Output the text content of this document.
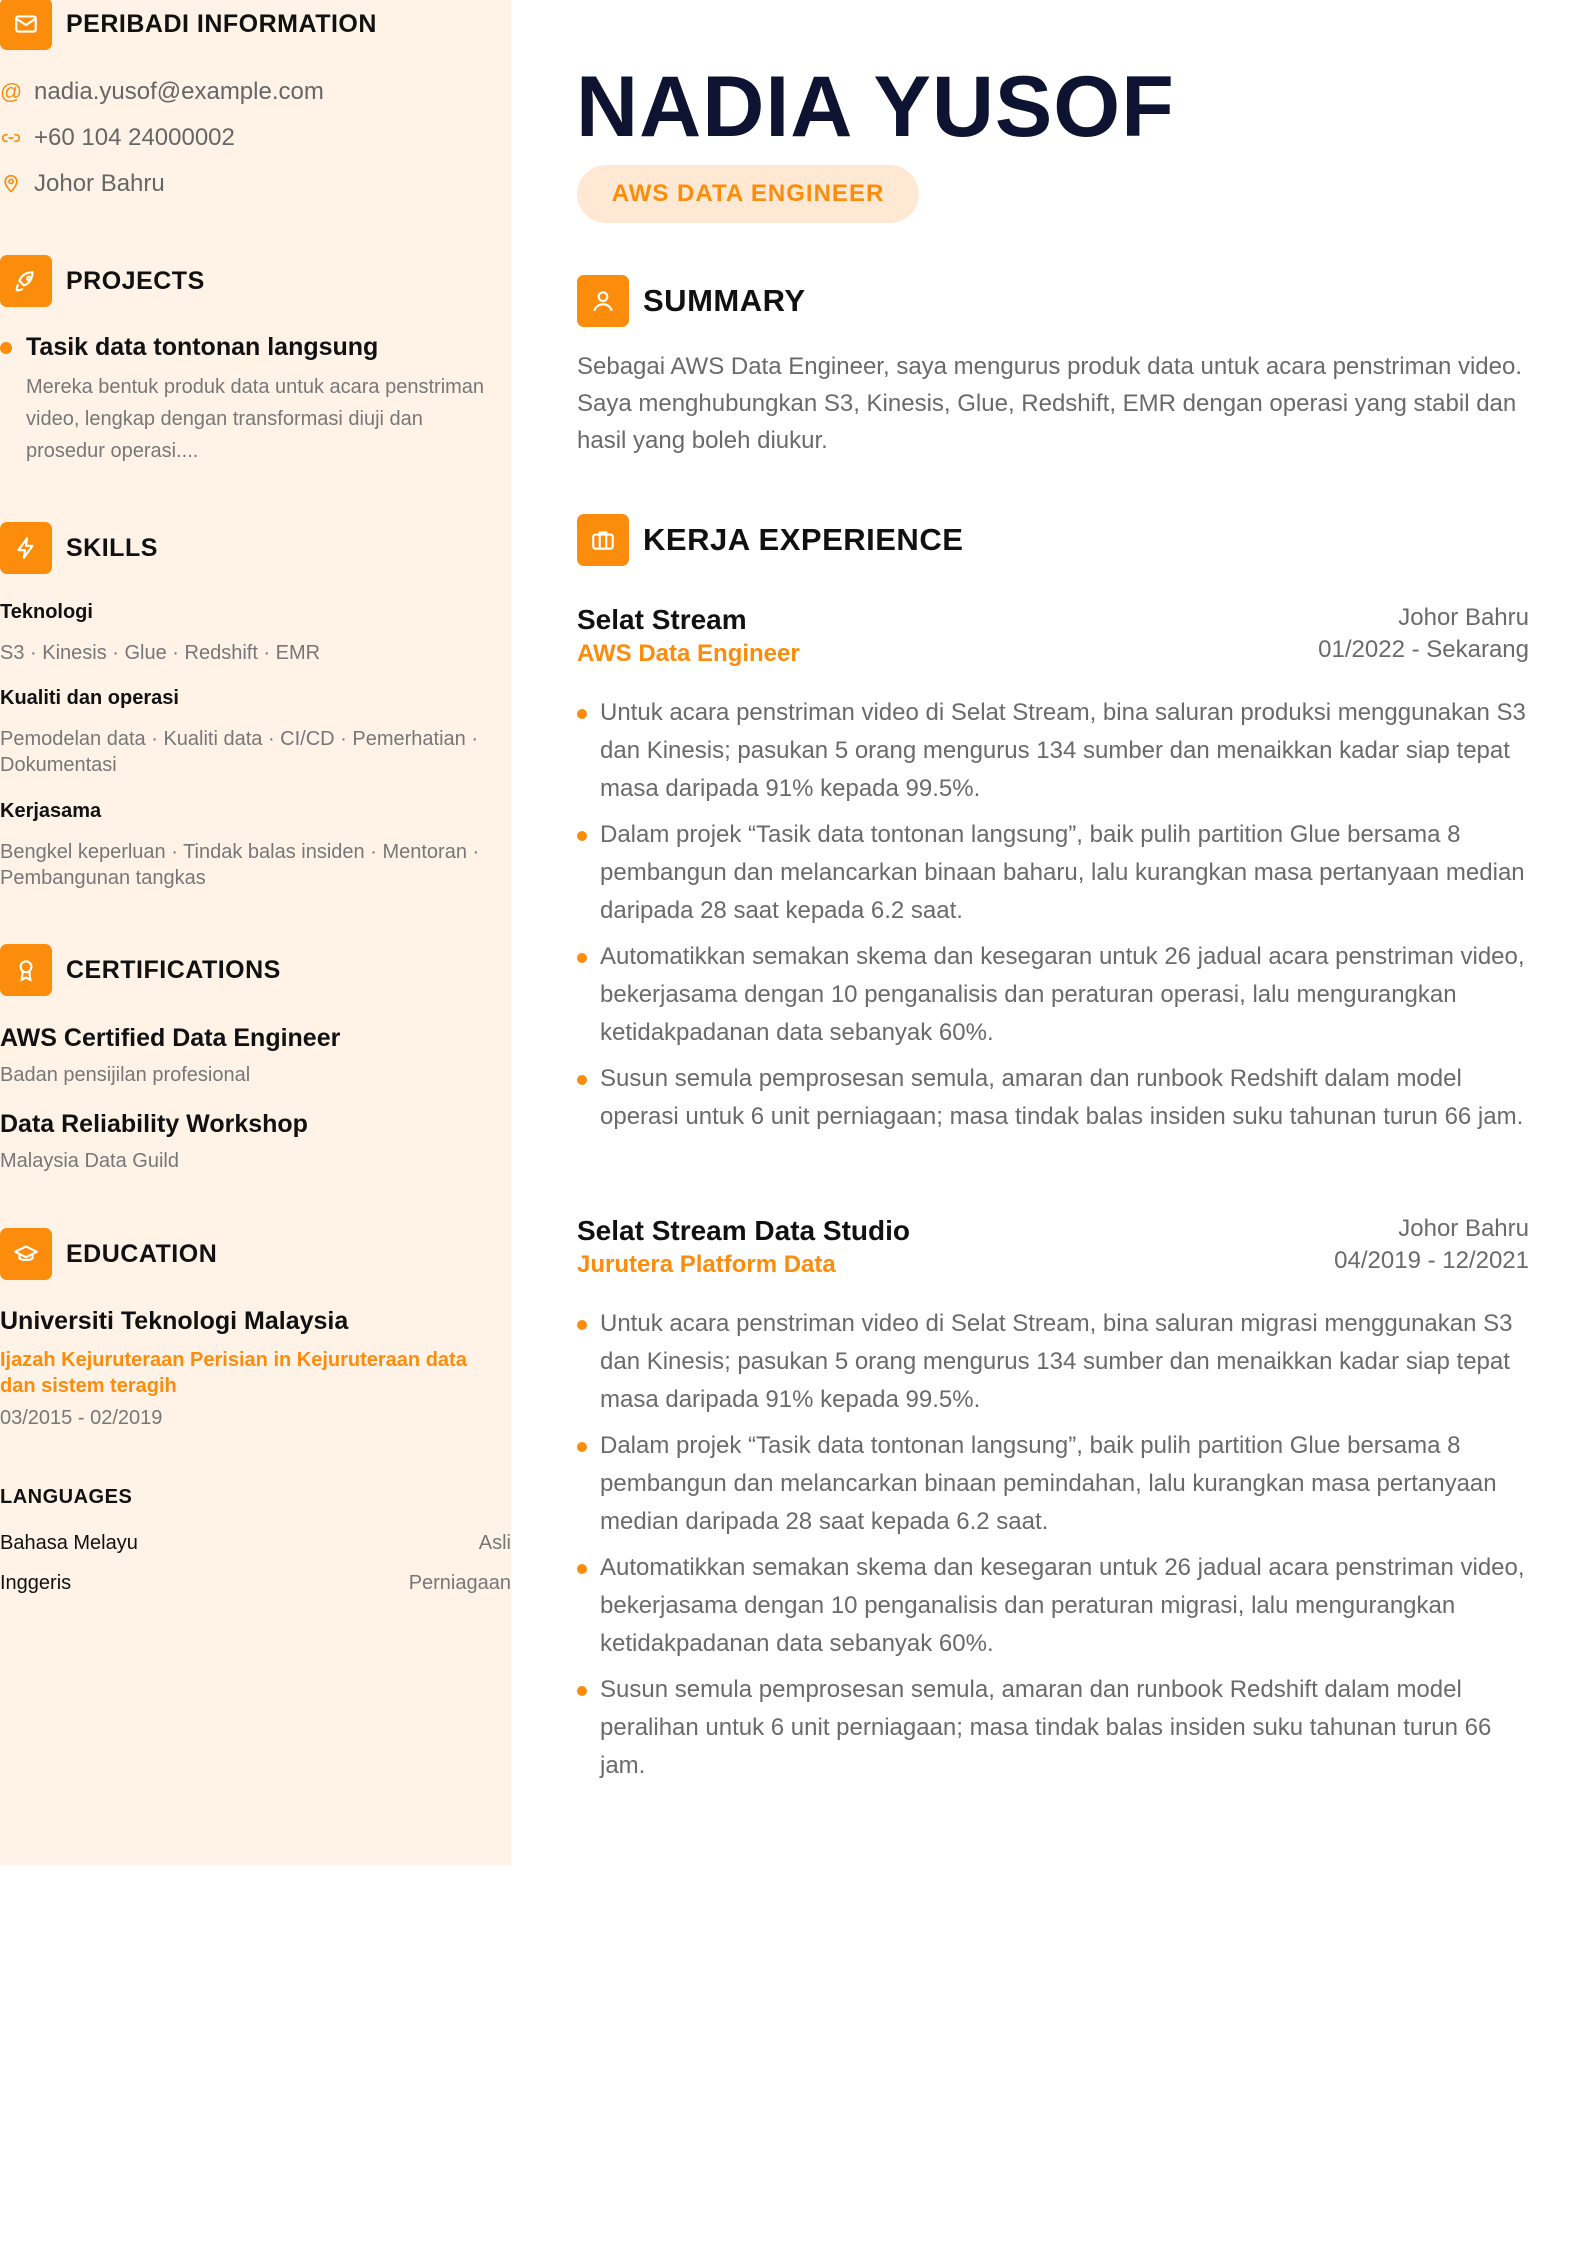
PERIBADI INFORMATION
@ nadia.yusof@example.com
+60 104 24000002
Johor Bahru
PROJECTS
Tasik data tontonan langsung
Mereka bentuk produk data untuk acara penstriman video, lengkap dengan transformasi diuji dan prosedur operasi....
SKILLS
Teknologi
S3 · Kinesis · Glue · Redshift · EMR
Kualiti dan operasi
Pemodelan data · Kualiti data · CI/CD · Pemerhatian · Dokumentasi
Kerjasama
Bengkel keperluan · Tindak balas insiden · Mentoran · Pembangunan tangkas
CERTIFICATIONS
AWS Certified Data Engineer
Badan pensijilan profesional
Data Reliability Workshop
Malaysia Data Guild
EDUCATION
Universiti Teknologi Malaysia
Ijazah Kejuruteraan Perisian in Kejuruteraan data dan sistem teragih
03/2015 - 02/2019
LANGUAGES
Bahasa Melayu	Asli
Inggeris	Perniagaan
NADIA YUSOF
AWS DATA ENGINEER
SUMMARY

Sebagai AWS Data Engineer, saya mengurus produk data untuk acara penstriman video. Saya menghubungkan S3, Kinesis, Glue, Redshift, EMR dengan operasi yang stabil dan hasil yang boleh diukur.

KERJA EXPERIENCE
Selat Stream
AWS Data Engineer
Johor Bahru
01/2022 - Sekarang
Untuk acara penstriman video di Selat Stream, bina saluran produksi menggunakan S3 dan Kinesis; pasukan 5 orang mengurus 134 sumber dan menaikkan kadar siap tepat masa daripada 91% kepada 99.5%.
Dalam projek “Tasik data tontonan langsung”, baik pulih partition Glue bersama 8 pembangun dan melancarkan binaan baharu, lalu kurangkan masa pertanyaan median daripada 28 saat kepada 6.2 saat.
Automatikkan semakan skema dan kesegaran untuk 26 jadual acara penstriman video, bekerjasama dengan 10 penganalisis dan peraturan operasi, lalu mengurangkan ketidakpadanan data sebanyak 60%.
Susun semula pemprosesan semula, amaran dan runbook Redshift dalam model operasi untuk 6 unit perniagaan; masa tindak balas insiden suku tahunan turun 66 jam.
Selat Stream Data Studio
Jurutera Platform Data
Johor Bahru
04/2019 - 12/2021
Untuk acara penstriman video di Selat Stream, bina saluran migrasi menggunakan S3 dan Kinesis; pasukan 5 orang mengurus 134 sumber dan menaikkan kadar siap tepat masa daripada 91% kepada 99.5%.
Dalam projek “Tasik data tontonan langsung”, baik pulih partition Glue bersama 8 pembangun dan melancarkan binaan pemindahan, lalu kurangkan masa pertanyaan median daripada 28 saat kepada 6.2 saat.
Automatikkan semakan skema dan kesegaran untuk 26 jadual acara penstriman video, bekerjasama dengan 10 penganalisis dan peraturan migrasi, lalu mengurangkan ketidakpadanan data sebanyak 60%.
Susun semula pemprosesan semula, amaran dan runbook Redshift dalam model peralihan untuk 6 unit perniagaan; masa tindak balas insiden suku tahunan turun 66 jam.
